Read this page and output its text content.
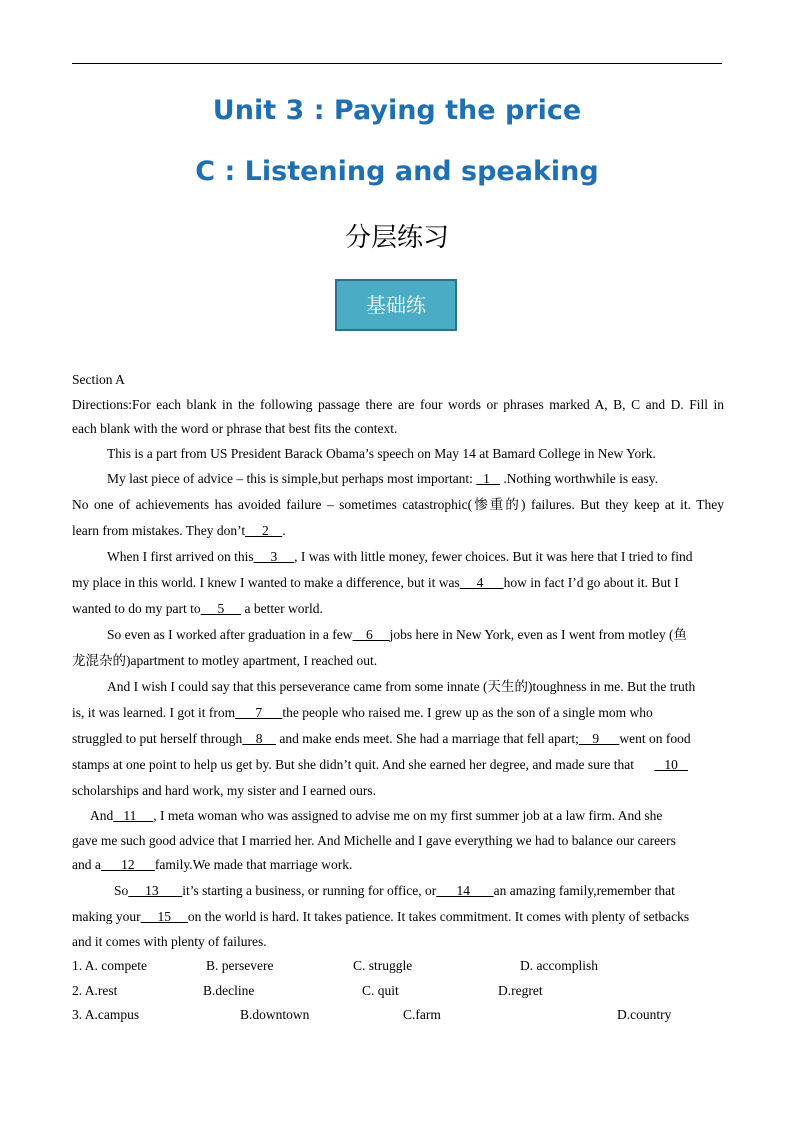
Unit 3 : Paying the price
C : Listening and speaking
分层练习
基础练

Section A

Directions:For each blank in the following passage there are four words or phrases marked A, B, C and D. Fill in

each blank with the word or phrase that best fits the context.

This is a part from US President Barack Obama’s speech on May 14 at Bamard College in New York.

My last piece of advice – this is simple,but perhaps most important:   1    .Nothing worthwhile is easy.

No one of achievements has avoided failure – sometimes catastrophic(惨重的) failures. But they keep at it. They

learn from mistakes. They don’t     2    .

When I first arrived on this     3     , I was with little money, fewer choices. But it was here that I tried to find

my place in this world. I knew I wanted to make a difference, but it was     4      how in fact I’d go about it. But I

wanted to do my part to     5      a better world.

So even as I worked after graduation in a few    6     jobs here in New York, even as I went from motley (鱼

龙混杂的)apartment to motley apartment, I reached out.

And I wish I could say that this perseverance came from some innate (天生的)toughness in me. But the truth

is, it was learned. I got it from      7      the people who raised me. I grew up as the son of a single mom who

struggled to put herself through    8     and make ends meet. She had a marriage that fell apart;    9      went on food

stamps at one point to help us get by. But she didn’t quit. And she earned her degree, and made sure that         10

scholarships and hard work, my sister and I earned ours.

And   11     , I meta woman who was assigned to advise me on my first summer job at a law firm. And she

gave me such good advice that I married her. And Michelle and I gave everything we had to balance our careers

and a      12      family.We made that marriage work.

So     13       it’s starting a business, or running for office, or      14       an amazing family,remember that

making your     15     on the world is hard. It takes patience. It takes commitment. It comes with plenty of setbacks

and it comes with plenty of failures.

1. A. compete	B. persevere	C. struggle	D. accomplish
2. A.rest	B.decline	C. quit	D.regret
3. A.campus	B.downtown	C.farm	D.country
